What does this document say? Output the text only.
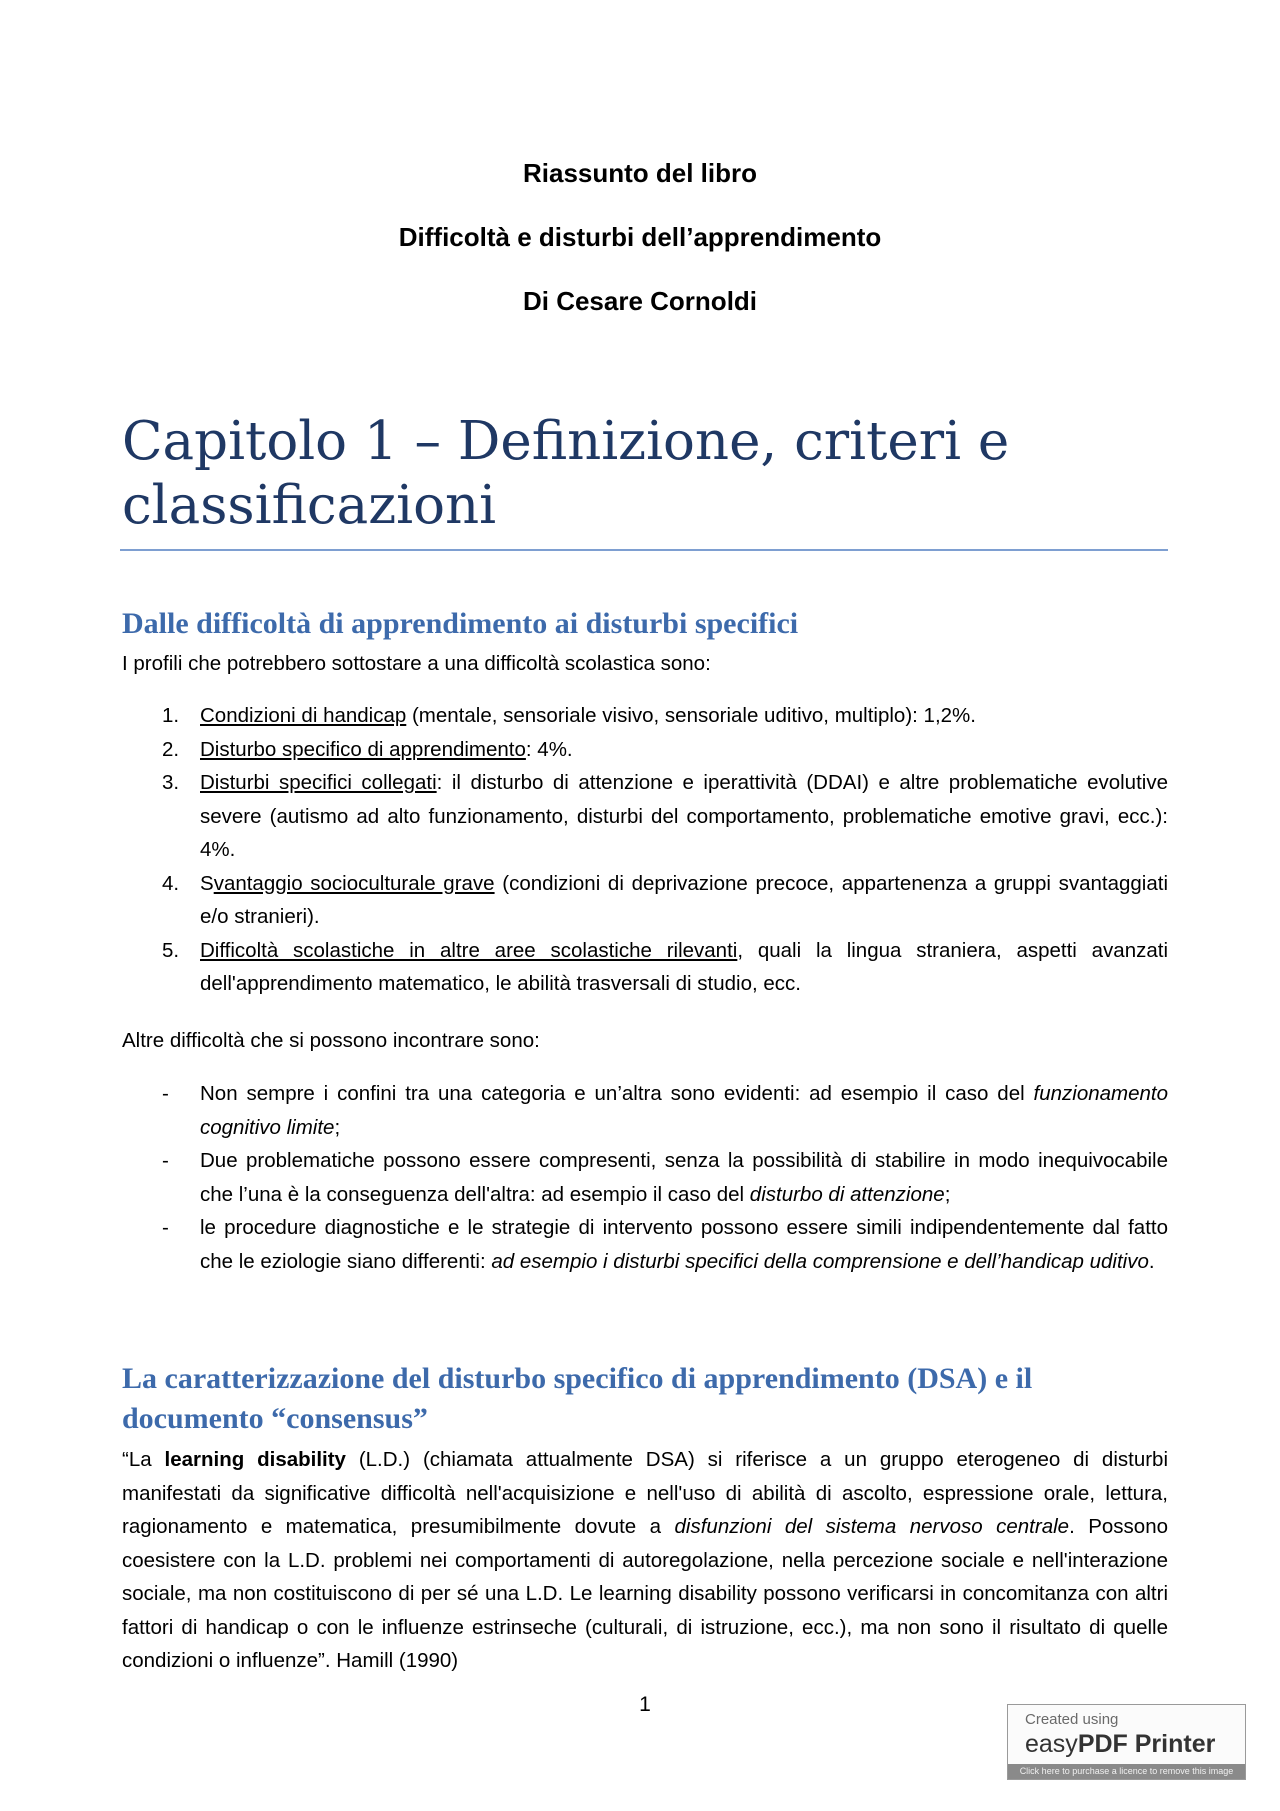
Riassunto del libro
Difficoltà e disturbi dell’apprendimento
Di Cesare Cornoldi
Capitolo 1 – Definizione, criteri e
classificazioni
Dalle difficoltà di apprendimento ai disturbi specifici

I profili che potrebbero sottostare a una difficoltà scolastica sono:

1. Condizioni di handicap (mentale, sensoriale visivo, sensoriale uditivo, multiplo): 1,2%.
2. Disturbo specifico di apprendimento: 4%.
3. Disturbi specifici collegati: il disturbo di attenzione e iperattività (DDAI) e altre problematiche evolutive severe (autismo ad alto funzionamento, disturbi del comportamento, problematiche emotive gravi, ecc.): 4%.
4. Svantaggio socioculturale grave (condizioni di deprivazione precoce, appartenenza a gruppi svantaggiati e/o stranieri).
5. Difficoltà scolastiche in altre aree scolastiche rilevanti, quali la lingua straniera, aspetti avanzati dell'apprendimento matematico, le abilità trasversali di studio, ecc.

Altre difficoltà che si possono incontrare sono:

- Non sempre i confini tra una categoria e un’altra sono evidenti: ad esempio il caso del funzionamento cognitivo limite;
- Due problematiche possono essere compresenti, senza la possibilità di stabilire in modo inequivocabile che l’una è la conseguenza dell'altra: ad esempio il caso del disturbo di attenzione;
- le procedure diagnostiche e le strategie di intervento possono essere simili indipendentemente dal fatto che le eziologie siano differenti: ad esempio i disturbi specifici della comprensione e dell’handicap uditivo.
La caratterizzazione del disturbo specifico di apprendimento (DSA) e il
documento “consensus”

“La learning disability (L.D.) (chiamata attualmente DSA) si riferisce a un gruppo eterogeneo di disturbi manifestati da significative difficoltà nell'acquisizione e nell'uso di abilità di ascolto, espressione orale, lettura, ragionamento e matematica, presumibilmente dovute a disfunzioni del sistema nervoso centrale. Possono coesistere con la L.D. problemi nei comportamenti di autoregolazione, nella percezione sociale e nell'interazione sociale, ma non costituiscono di per sé una L.D. Le learning disability possono verificarsi in concomitanza con altri fattori di handicap o con le influenze estrinseche (culturali, di istruzione, ecc.), ma non sono il risultato di quelle condizioni o influenze”. Hamill (1990)

1
Created using
easyPDF Printer
Click here to purchase a licence to remove this image
